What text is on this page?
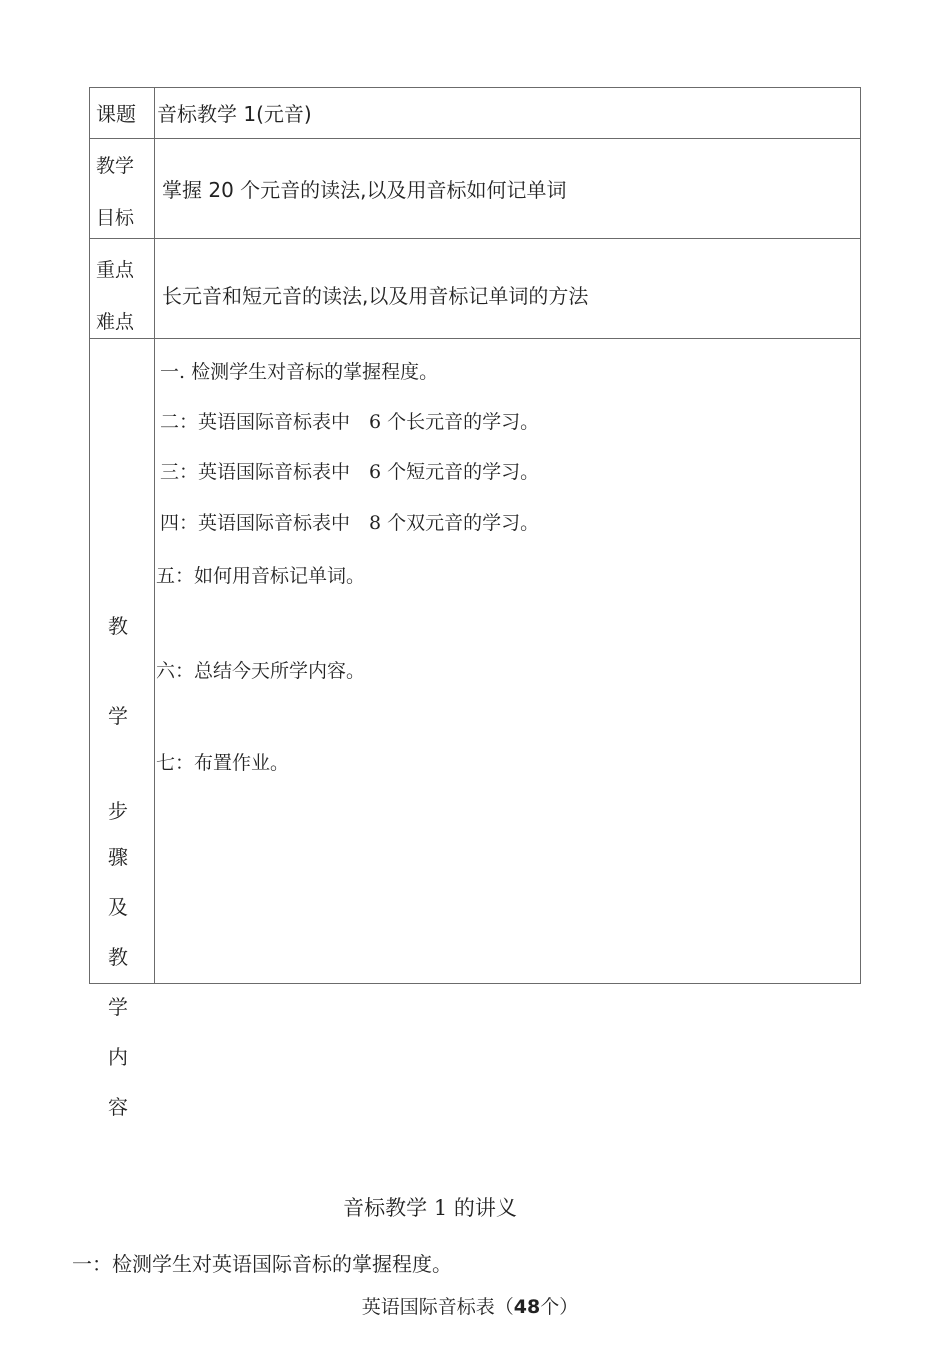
课题 音标教学 1(元音)
教学
目标
掌握 20 个元音的读法,以及用音标如何记单词
重点
难点
长元音和短元音的读法,以及用音标记单词的方法
教
学
步
骤
及
教
学
内
容
一. 检测学生对音标的掌握程度。
二：英语国际音标表中　6 个长元音的学习。
三：英语国际音标表中　6 个短元音的学习。
四：英语国际音标表中　8 个双元音的学习。
五：如何用音标记单词。
六：总结今天所学内容。
七：布置作业。
音标教学 1 的讲义
一：检测学生对英语国际音标的掌握程度。
英语国际音标表（48个）
